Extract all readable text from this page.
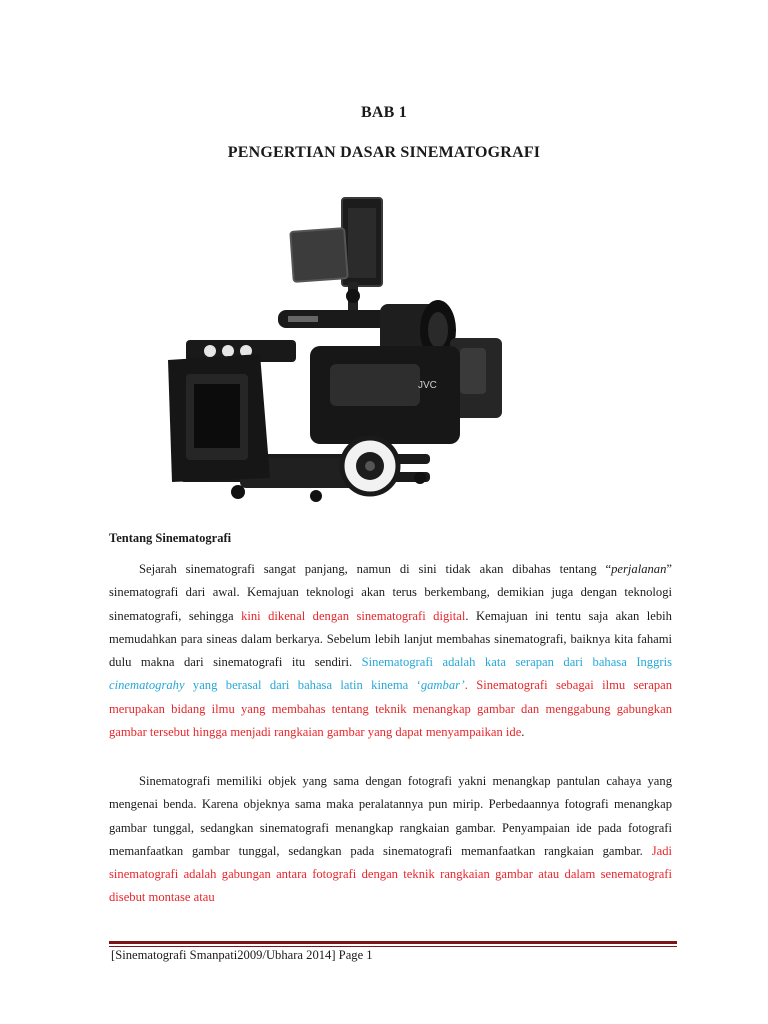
BAB 1
PENGERTIAN DASAR SINEMATOGRAFI
JVC
Tentang Sinematografi
Sejarah sinematografi sangat panjang, namun di sini tidak akan dibahas tentang “perjalanan” sinematografi dari awal. Kemajuan teknologi akan terus berkembang, demikian juga dengan teknologi sinematografi, sehingga kini dikenal dengan sinematografi digital. Kemajuan ini tentu saja akan lebih memudahkan para sineas dalam berkarya. Sebelum lebih lanjut membahas sinematografi, baiknya kita fahami dulu makna dari sinematografi itu sendiri. Sinematografi adalah kata serapan dari bahasa Inggris cinematograhy yang berasal dari bahasa latin kinema ‘gambar’. Sinematografi sebagai ilmu serapan merupakan bidang ilmu yang membahas tentang teknik menangkap gambar dan menggabung gabungkan gambar tersebut hingga menjadi rangkaian gambar yang dapat menyampaikan ide.
Sinematografi memiliki objek yang sama dengan fotografi yakni menangkap pantulan cahaya yang mengenai benda. Karena objeknya sama maka peralatannya pun mirip. Perbedaannya fotografi menangkap gambar tunggal, sedangkan sinematografi menangkap rangkaian gambar. Penyampaian ide pada fotografi memanfaatkan gambar tunggal, sedangkan pada sinematografi memanfaatkan rangkaian gambar. Jadi sinematografi adalah gabungan antara fotografi dengan teknik rangkaian gambar atau dalam senematografi disebut montase atau
[Sinematografi Smanpati2009/Ubhara 2014] Page 1
